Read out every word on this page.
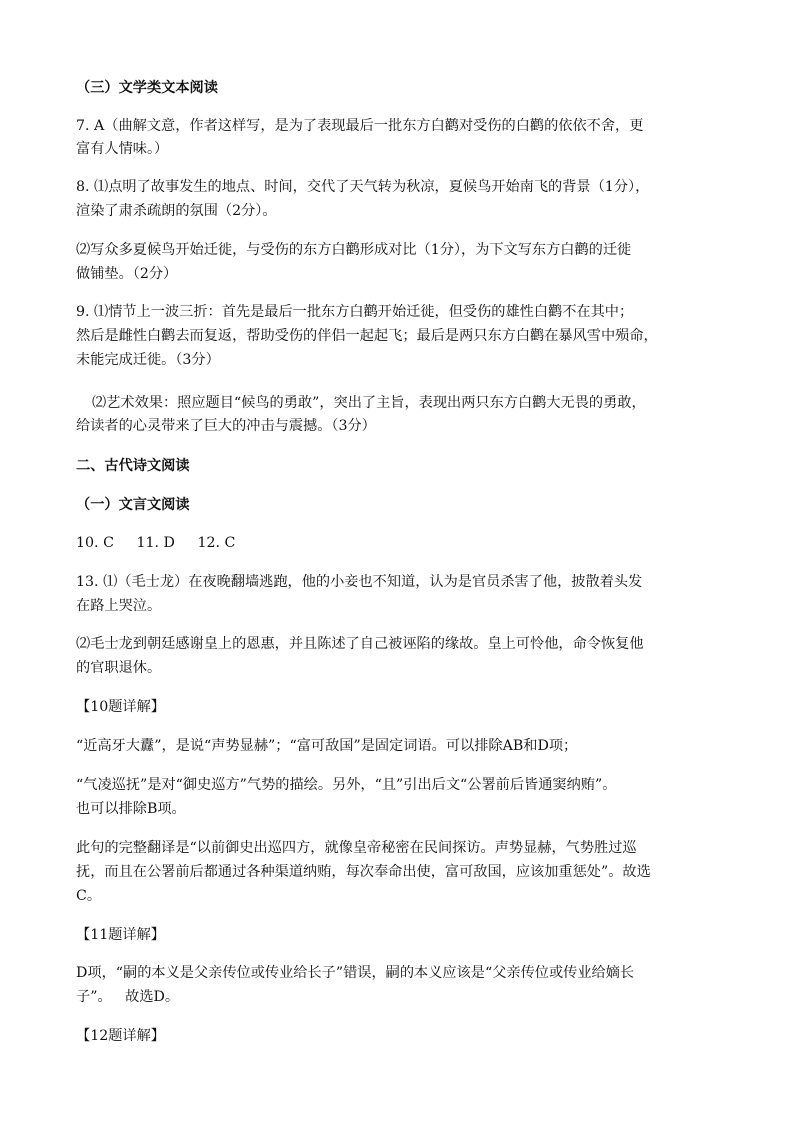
（三）文学类文本阅读
7. A（曲解文意，作者这样写，是为了表现最后一批东方白鹳对受伤的白鹳的依依不舍，更
富有人情味。）
8. ⑴点明了故事发生的地点、时间，交代了天气转为秋凉，夏候鸟开始南飞的背景（1分），
渲染了肃杀疏朗的氛围（2分）。
⑵写众多夏候鸟开始迁徙，与受伤的东方白鹳形成对比（1分），为下文写东方白鹳的迁徙
做铺垫。（2分）
9. ⑴情节上一波三折：首先是最后一批东方白鹳开始迁徙，但受伤的雄性白鹳不在其中；
然后是雌性白鹳去而复返，帮助受伤的伴侣一起起飞；最后是两只东方白鹳在暴风雪中殒命，
未能完成迁徙。（3分）
⑵艺术效果：照应题目“候鸟的勇敢”，突出了主旨，表现出两只东方白鹳大无畏的勇敢，
给读者的心灵带来了巨大的冲击与震撼。（3分）
二、古代诗文阅读
（一）文言文阅读
10. C     11. D     12. C
13. ⑴（毛士龙）在夜晚翻墙逃跑，他的小妾也不知道，认为是官员杀害了他，披散着头发
在路上哭泣。
⑵毛士龙到朝廷感谢皇上的恩惠，并且陈述了自己被诬陷的缘故。皇上可怜他，命令恢复他
的官职退休。
【10题详解】
“近高牙大纛”，是说“声势显赫”；“富可敌国”是固定词语。可以排除AB和D项；
“气凌巡抚”是对“御史巡方”气势的描绘。另外，“且”引出后文“公署前后皆通窦纳贿”。
也可以排除B项。
此句的完整翻译是“以前御史出巡四方，就像皇帝秘密在民间探访。声势显赫，气势胜过巡
抚，而且在公署前后都通过各种渠道纳贿，每次奉命出使，富可敌国，应该加重惩处”。故选
C。
【11题详解】
D项，“嗣的本义是父亲传位或传业给长子”错误，嗣的本义应该是“父亲传位或传业给嫡长
子”。   故选D。
【12题详解】
